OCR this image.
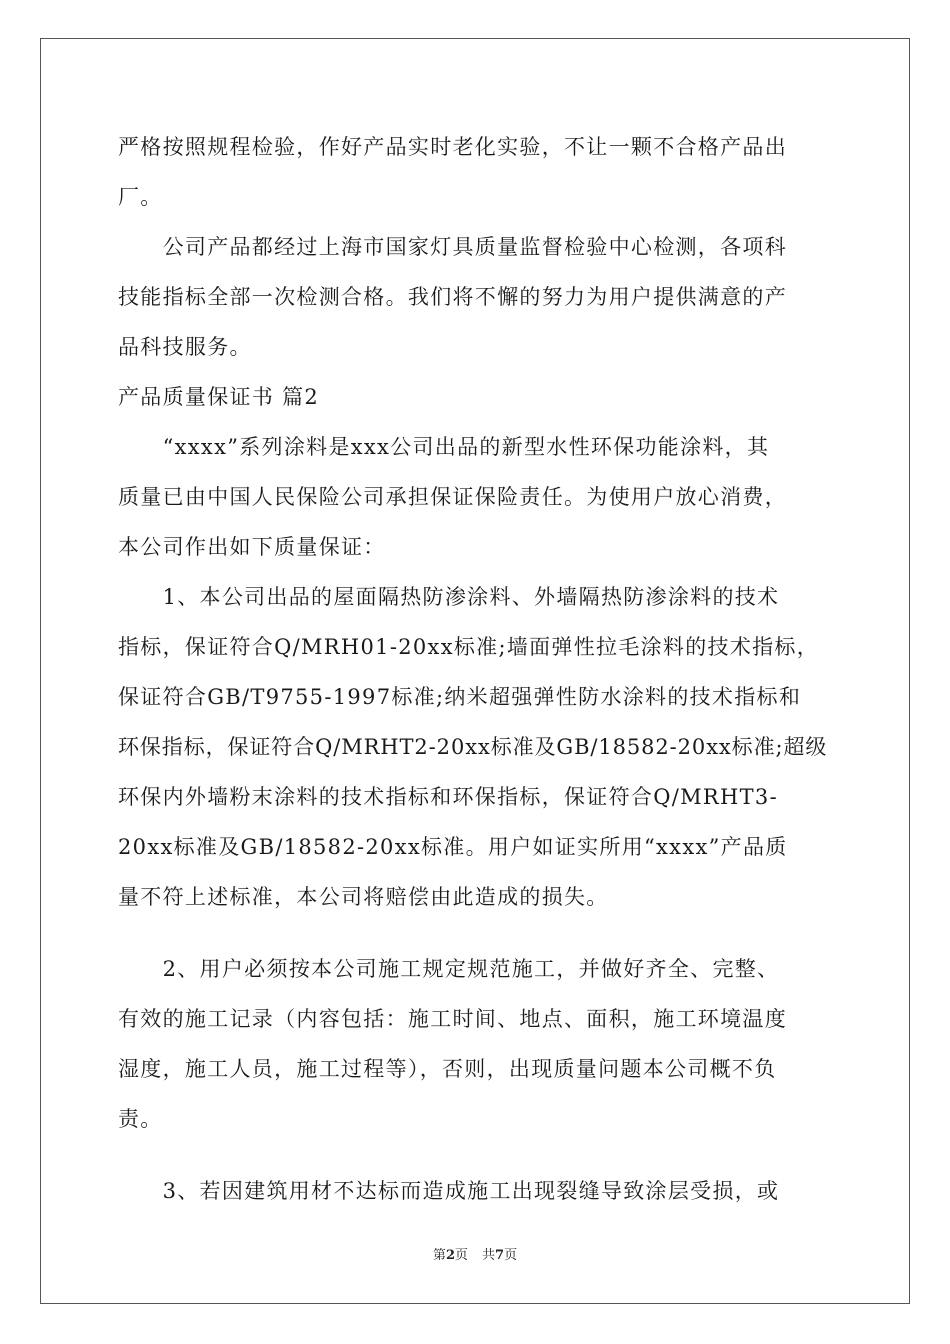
严格按照规程检验，作好产品实时老化实验，不让一颗不合格产品出
厂。
　　公司产品都经过上海市国家灯具质量监督检验中心检测，各项科
技能指标全部一次检测合格。我们将不懈的努力为用户提供满意的产
品科技服务。
产品质量保证书 篇2
　　“xxxx”系列涂料是xxx公司出品的新型水性环保功能涂料，其
质量已由中国人民保险公司承担保证保险责任。为使用户放心消费，
本公司作出如下质量保证：
　　1、本公司出品的屋面隔热防渗涂料、外墙隔热防渗涂料的技术
指标，保证符合Q/MRH01-20xx标准;墙面弹性拉毛涂料的技术指标，
保证符合GB/T9755-1997标准;纳米超强弹性防水涂料的技术指标和
环保指标，保证符合Q/MRHT2-20xx标准及GB/18582-20xx标准;超级
环保内外墙粉末涂料的技术指标和环保指标，保证符合Q/MRHT3-
20xx标准及GB/18582-20xx标准。用户如证实所用“xxxx”产品质
量不符上述标准，本公司将赔偿由此造成的损失。
　　2、用户必须按本公司施工规定规范施工，并做好齐全、完整、
有效的施工记录（内容包括：施工时间、地点、面积，施工环境温度
湿度，施工人员，施工过程等），否则，出现质量问题本公司概不负
责。
　　3、若因建筑用材不达标而造成施工出现裂缝导致涂层受损，或
第2页 共7页
